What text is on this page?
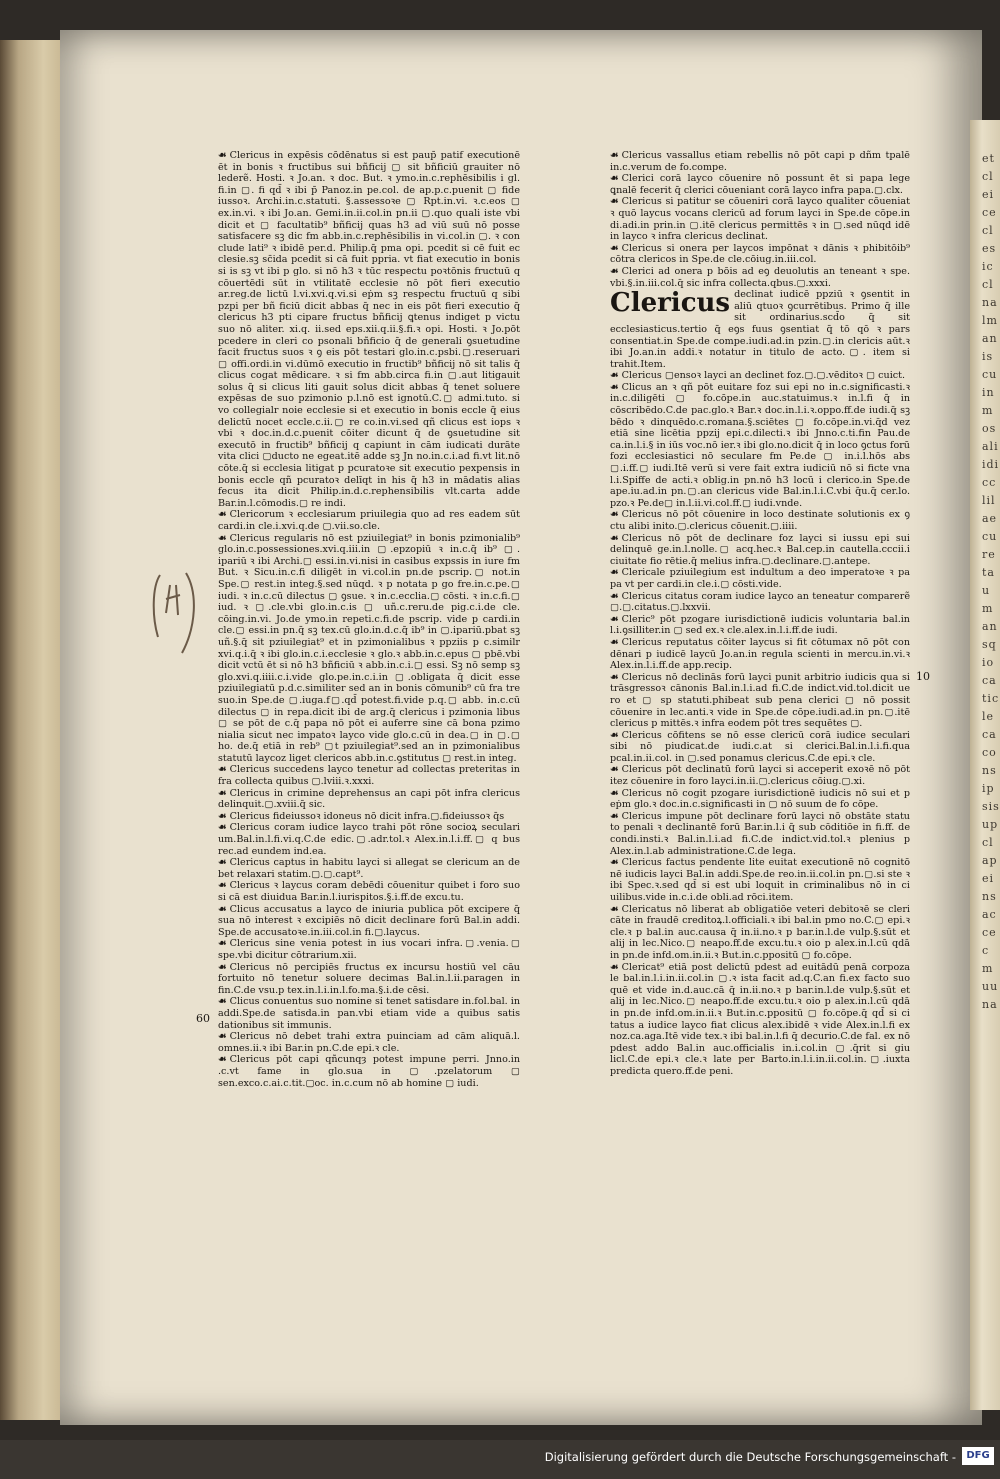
etcleiceclesicclnalmaniscuinmosaliidicclilaecuretaumansqiocaticlecaconsipsisupclapeinsaccecmuuna

☙ Clericus in expēsis cōdēnatus si est paup̄ patif executionē ēt in bonis ꝛ fructibus sui bñficij ▢ sit bñficiū grauiter nō lederẽ. Hosti. ꝛ Jo.an. ꝛ doc. But. ꝛ ymo.in.c.rephēsibilis i gl. fi.in ▢. fi qd̄ ꝛ ibi p̄ Panoz.in pe.col. de ap.p.c.puenit ▢ fide iussoꝛ. Archi.in.c.statuti. §.assessoꝛe ▢ Rpt.in.vi. ꝛ.c.eos ▢ ex.in.vi. ꝛ ibi Jo.an. Gemi.in.ii.col.in pn.ii ▢.quo quali iste vbi dicit et ▢ facultatib⁹ bñficij quas h3 ad viū suū nō posse satisfacere sꝫ dic fm abb.in.c.rephēsibilis in vi.col.in ▢. ꝛ con clude lati⁹ ꝛ ibidē per.d. Philip.q̄ pma opi. pcedit si cē fuit ec clesie.sꝫ sc̄ida pcedit si cā fuit ppria. vt fiat executio in bonis si is sꝫ vt ibi p glo. si nō h3 ꝛ tūc respectu poꝛtōnis fructuū q cōuertēdi sūt in vtilitatē ecclesie nō pōt fieri executio ar.reg.de lictū l.vi.xvi.q.vi.si eṗm sꝫ respectu fructuū q sibi pzpi per bñ ficiū dicit abbas q̄ nec in eis pōt fieri executio q̄ clericus h3 pti cipare fructus bñficij ꝗtenus indiget p victu suo nō aliter. xi.q. ii.sed eps.xii.q.ii.§.fi.ꝛ opi. Hosti. ꝛ Jo.pōt pcedere in cleri co psonali bñficio q̄ de generali ꝯsuetudine facit fructus suos ꝛ ꝯ eis pōt testari glo.in.c.psbi.▢.reseruari ▢ offi.ordi.in vi.dūmō executio in fructib⁹ bñficij nō sit talis q̄ clicus cogat mēdicare. ꝛ si fm abb.circa fi.in ▢.aut litigauit solus q̄ si clicus liti gauit solus dicit abbas q̄ tenet soluere expēsas de suo pzimonio p.l.nō est ignotū.C.▢ admi.tuto. si vo collegialr noie ecclesie si et executio in bonis eccle q̄ eius delictū nocet eccle.c.ii.▢ re co.in.vi.sed qñ clicus est iops ꝛ vbi ꝛ doc.in.d.c.puenit cōiter dicunt q̄ de ꝯsuetudine sit executō in fructib⁹ bñficij q capiunt in cām iudicati durāte vita clici ▢ducto ne egeat.itē adde sꝫ Jn no.in.c.i.ad fi.vt lit.nō cōte.q̄ si ecclesia litigat p pcuratoꝛe sit executio pexpensis in bonis eccle qñ pcuratoꝛ delīqt in his q̄ h3 in mādatis alias fecus ita dicit Philip.in.d.c.rephensibilis vlt.carta adde Bar.in.l.cōmodis.▢ re indi.

☙ Clericorum ꝛ ecclesiarum priuilegia quo ad res eadem sūt cardi.in cle.i.xvi.q.de ▢.vii.so.cle.

☙ Clericus regularis nō est pziuilegiat⁹ in bonis pzimonialib⁹ glo.in.c.possessiones.xvi.q.iii.in ▢.epzopiū ꝛ in.c.q̄ ib⁹ ▢. ipariū ꝛ ibi Archi.▢ essi.in.vi.nisi in casibus expssis in iure fm But. ꝛ Sicu.in.c.fi diligēt in vi.col.in pn.de pscrip.▢ not.in Spe.▢ rest.in integ.§.sed nūqd. ꝛ p notata p go fre.in.c.pe.▢ iudi. ꝛ in.c.cū dilectus ▢ ꝯsue. ꝛ in.c.ecclia.▢ cōsti. ꝛ in.c.fi.▢ iud. ꝛ ▢.cle.vbi glo.in.c.is ▢ uñ.c.reru.de pig.c.i.de cle. cōing.in.vi. Jo.de ymo.in repeti.c.fi.de pscrip. vide p cardi.in cle.▢ essi.in pn.q̄ sꝫ tex.cū glo.in.d.c.q̄ ib⁹ in ▢.ipariū.pbat sꝫ uñ.§.q̄ sit pziuilegiat⁹ et in pzimonialibus ꝛ ppziis p c.similr xvi.q.i.q̄ ꝛ ibi glo.in.c.i.ecclesie ꝛ glo.ꝛ abb.in.c.epus ▢ pbē.vbi dicit vctū ēt si nō h3 bñficiū ꝛ abb.in.c.i.▢ essi. Sꝫ nō semp sꝫ glo.xvi.q.iiii.c.i.vide glo.pe.in.c.i.in ▢.obligata q̄ dicit esse pziuilegiatū p.d.c.similiter sed an in bonis cōmunib⁹ cū fra tre suo.in Spe.de ▢.iuga.f▢.qd̄ potest.fi.vide p.q.▢ abb. in.c.cū dilectus ▢ in repa.dicit ibi de arg.q̄ clericus i pzimonia libus ▢ se pōt de c.q̄ papa nō pōt ei auferre sine cā bona pzimo nialia sicut nec impatoꝛ layco vide glo.c.cū in dea.▢ in ▢.▢ ho. de.q̄ etiā in reb⁹ ▢t pziuilegiat⁹.sed an in pzimonialibus statutū laycoz liget clericos abb.in.c.ꝯstitutus ▢ rest.in integ.

☙ Clericus succedens layco tenetur ad collectas preteritas in fra collecta quibus ▢.lviii.ꝛ.xxxi.

☙ Clericus in crimine deprehensus an capi pōt infra clericus delinquit.▢.xviii.q̄ sic.

☙ Clericus fideiussoꝛ idoneus nō dicit infra.▢.fideiussoꝛ q̄s

☙ Clericus coram iudice layco trahi pōt rōne socioꝝ seculari um.Bal.in.l.fi.vi.q.C.de edic.▢.adr.tol.ꝛ Alex.in.l.i.ff.▢ q bus rec.ad eundem ind.ea.

☙ Clericus captus in habitu layci si allegat se clericum an de bet relaxari statim.▢.▢.capt⁹.

☙ Clericus ꝛ laycus coram debēdi cōuenitur quibet i foro suo si cā est diuidua Bar.in.l.iurispitos.§.i.ff.de excu.tu.

☙ Clicus accusatus a layco de iniuria publica pōt excipere q̄ sua nō interest ꝛ excipiēs nō dicit declinare forū Bal.in addi. Spe.de accusatoꝛe.in.iii.col.in fi.▢.laycus.

☙ Clericus sine venia potest in ius vocari infra.▢.venia.▢ spe.vbi dicitur cōtrarium.xii.

☙ Clericus nō percipiēs fructus ex incursu hostiū vel cāu fortuito nō tenetur soluere decimas Bal.in.l.ii.paragen in fin.C.de vsu.p tex.in.l.i.in.l.fo.ma.§.i.de cēsi.

☙ Clicus conuentus suo nomine si tenet satisdare in.fol.bal. in addi.Spe.de satisda.in pan.vbi etiam vide a quibus satis dationibus sit immunis.

☙ Clericus nō debet trahi extra puinciam ad cām aliquā.l. omnes.ii.ꝛ ibi Bar.in pn.C.de epi.ꝛ cle.

☙ Clericus pōt capi qñcunqȝ potest impune perri. Jnno.in .c.vt fame in glo.sua in ▢.pzelatorum ▢ sen.exco.c.ai.c.tit.▢oc. in.c.cum nō ab homine ▢ iudi.

60

☙ Clericus vassallus etiam rebellis nō pōt capi p dñm tpalē in.c.verum de fo.compe.

☙ Clerici corā layco cōuenire nō possunt ēt si papa lege ꝗnalē fecerit q̄ clerici cōueniant corā layco infra papa.▢.clx.

☙ Clericus si patitur se cōueniri corā layco qualiter cōueniat ꝛ quō laycus vocans clericū ad forum layci in Spe.de cōpe.in di.adi.in prin.in ▢.itē clericus permittēs ꝛ in ▢.sed nūqd idē in layco ꝛ infra clericus declinat.

☙ Clericus si onera per laycos impōnat ꝛ dānis ꝛ phibitōib⁹ cōtra clericos in Spe.de cle.cōiug.in.iii.col.

☙ Clerici ad onera p bōis ad eꝯ deuolutis an teneant ꝛ spe. vbi.§.in.iii.col.q̄ sic infra collecta.qbus.▢.xxxi.

Clericus declinat iudicē ppziū ꝛ ꝯsentit in aliū qtuoꝛ ꝯcurrētibus. Primo q̄ ille sit ordinarius.scd̄o q̄ sit ecclesiasticus.tertio q̄ eꝯs fuus ꝯsentiat q̄ tō qō ꝛ pars consentiat.in Spe.de compe.iudi.ad.in pzin.▢.in clericis aūt.ꝛ ibi Jo.an.in addi.ꝛ notatur in titulo de acto.▢. item si trahit.Item.

☙ Clericus ▢ensoꝛ layci an declinet foz.▢.▢.vēditoꝛ ▢ cuict.

☙ Clicus an ꝛ qñ pōt euitare foz sui epi no in.c.significasti.ꝛ in.c.diligēti ▢ fo.cōpe.in auc.statuimus.ꝛ in.l.fi q̄ in cōscribēdo.C.de pac.glo.ꝛ Bar.ꝛ doc.in.l.i.ꝛ.oppo.ff.de iudi.q̄ sꝫ bēdo ꝛ dinquēdo.c.romana.§.sciētes ▢ fo.cōpe.in.vi.q̄d vez etiā sine licētia ppzij epi.c.dilecti.ꝛ ibi Jnno.c.ti.fin Pau.de ca.in.l.i.§ in iūs voc.nō ier.ꝛ ibi glo.no.dicit q̄ in loco ꝯctus forū fozi ecclesiastici nō seculare fm Pe.de ▢ in.i.l.hōs abs ▢.i.ff.▢ iudi.Itē verū si vere fait extra iudiciū nō si ficte vna l.i.Spiffe de acti.ꝛ oblig.in pn.nō h3 locū i clerico.in Spe.de ape.iu.ad.in pn.▢.an clericus vide Bal.in.l.i.C.vbi q̄u.q̄ cer.lo. pzo.ꝛ Pe.de▢ in.l.ii.vi.col.ff.▢ iudi.vnde.

☙ Clericus nō pōt cōuenire in loco destinate solutionis ex ꝯ ctu alibi inito.▢.clericus cōuenit.▢.iiii.

☙ Clericus nō pōt de declinare foz layci si iussu epi sui delinquē ge.in.l.nolle.▢ acq.hec.ꝛ Bal.cep.in cautella.cccii.i ciuitate fio rētie.q̄ melius infra.▢.declinare.▢.antepe.

☙ Clericale pziuilegium est indultum a deo imperatoꝛe ꝛ pa pa vt per cardi.in cle.i.▢ cōsti.vide.

☙ Clericus citatus coram iudice layco an teneatur comparerẽ ▢.▢.citatus.▢.lxxvii.

☙ Cleric⁹ pōt pzogare iurisdictionē iudicis voluntaria bal.in l.i.ꝯsilliter.in ▢ sed ex.ꝛ cle.alex.in.l.i.ff.de iudi.

☙ Clericus reputatus cōiter laycus si fit cōtumax nō pōt con dēnari p iudicē laycū Jo.an.in regula scienti in mercu.in.vi.ꝛ Alex.in.l.i.ff.de app.recip.

☙ Clericus nō declinās forū layci punit arbitrio iudicis qua si trāsgressoꝛ cānonis Bal.in.l.i.ad fi.C.de indict.vid.tol.dicit ue ro et ▢ sp statuti.phibeat sub pena clerici ▢ nō possit cōuenire in lec.anti.ꝛ vide in Spe.de cōpe.iudi.ad.in pn.▢.itē clericus p mittēs.ꝛ infra eodem pōt tres sequētes ▢.

☙ Clericus cōfitens se nō esse clericū corā iudice seculari sibi nō piudicat.de iudi.c.at si clerici.Bal.in.l.i.fi.qua pcal.in.ii.col. in ▢.sed ponamus clericus.C.de epi.ꝛ cle.

☙ Clericus pōt declinatū forū layci si acceperit exoꝛē nō pōt itez cōuenire in foro layci.in.ii.▢.clericus cōiug.▢.xi.

☙ Clericus nō cogit pzogare iurisdictionē iudicis nō sui et p eṗm glo.ꝛ doc.in.c.significasti in ▢ nō suum de fo cōpe.

☙ Clericus impune pōt declinare forū layci nō obstāte statu to penali ꝛ declinantē forū Bar.in.l.i q̄ sub cōditiōe in fi.ff. de condi.insti.ꝛ Bal.in.l.i.ad fi.C.de indict.vid.tol.ꝛ plenius p Alex.in.l.ab administratione.C.de lega.

☙ Clericus factus pendente lite euitat executionē nō cognitō nē iudicis layci Bal.in addi.Spe.de reo.in.ii.col.in pn.▢.si ste ꝛ ibi Spec.ꝛ.sed qd̄ si est ubi loquit in criminalibus nō in ci uilibus.vide in.c.i.de obli.ad rōci.item.

☙ Clericatus nō liberat ab obligatiōe veteri debitoꝛē se cleri cāte in fraudē creditoꝝ.l.officiali.ꝛ ibi bal.in pmo no.C.▢ epi.ꝛ cle.ꝛ p bal.in auc.causa q̄ in.ii.no.ꝛ p bar.in.l.de vulp.§.sūt et alij in lec.Nico.▢ neapo.ff.de excu.tu.ꝛ oio p alex.in.l.cū qdā in pn.de infd.om.in.ii.ꝛ But.in.c.ppositū ▢ fo.cōpe.

☙ Clericat⁹ etiā post delictū pdest ad euitādū penā corpoza le bal.in.l.i.in.ii.col.in ▢.ꝛ ista facit ad.q.C.an fi.ex facto suo quē et vide in.d.auc.cā q̄ in.ii.no.ꝛ p bar.in.l.de vulp.§.sūt et alij in lec.Nico.▢ neapo.ff.de excu.tu.ꝛ oio p alex.in.l.cū qdā in pn.de infd.om.in.ii.ꝛ But.in.c.ppositū ▢ fo.cōpe.q̄ qd̄ si ci tatus a iudice layco fiat clicus alex.ibidē ꝛ vide Alex.in.l.fi ex noz.ca.aga.Itē vide tex.ꝛ ibi bal.in.l.fi q̄ decurio.C.de fal. ex nō pdest addo Bal.in auc.officialis in.i.col.in ▢.q̄rit si giu licl.C.de epi.ꝛ cle.ꝛ late per Barto.in.l.i.in.ii.col.in.▢.iuxta predicta quero.ff.de peni.

10
Digitalisierung gefördert durch die Deutsche Forschungsgemeinschaft -	DFG
